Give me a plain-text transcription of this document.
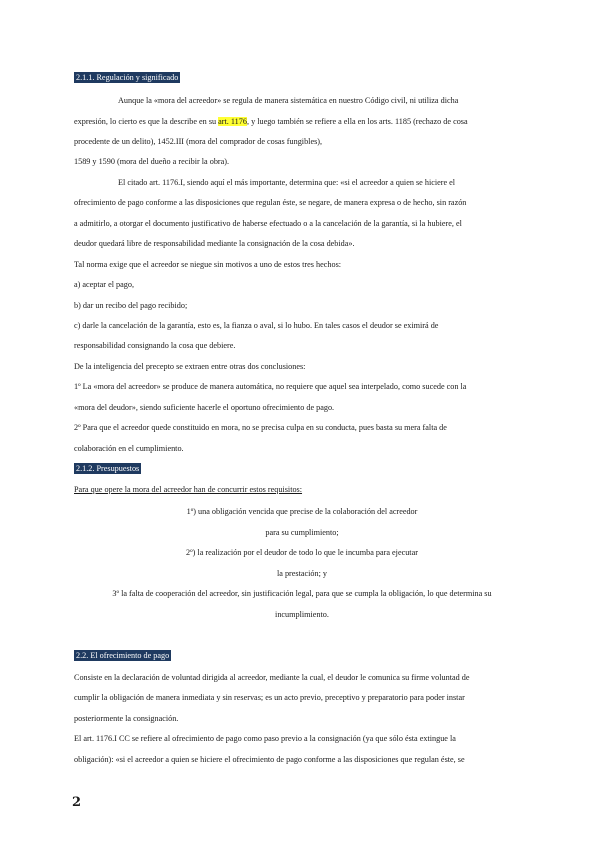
2.1.1. Regulación y significado
Aunque la «mora del acreedor» se regula de manera sistemática en nuestro Código civil, ni utiliza dicha
expresión, lo cierto es que la describe en su art. 1176, y luego también se refiere a ella en los arts. 1185 (rechazo de cosa
procedente de un delito), 1452.III (mora del comprador de cosas fungibles),
1589 y 1590 (mora del dueño a recibir la obra).
El citado art. 1176.I, siendo aquí el más importante, determina que: «si el acreedor a quien se hiciere el
ofrecimiento de pago conforme a las disposiciones que regulan éste, se negare, de manera expresa o de hecho, sin razón
a admitirlo, a otorgar el documento justificativo de haberse efectuado o a la cancelación de la garantía, si la hubiere, el
deudor quedará libre de responsabilidad mediante la consignación de la cosa debida».
Tal norma exige que el acreedor se niegue sin motivos a uno de estos tres hechos:
a) aceptar el pago,
b) dar un recibo del pago recibido;
c) darle la cancelación de la garantía, esto es, la fianza o aval, si lo hubo. En tales casos el deudor se eximirá de
responsabilidad consignando la cosa que debiere.
De la inteligencia del precepto se extraen entre otras dos conclusiones:
1º La «mora del acreedor» se produce de manera automática, no requiere que aquel sea interpelado, como sucede con la
«mora del deudor», siendo suficiente hacerle el oportuno ofrecimiento de pago.
2º Para que el acreedor quede constituido en mora, no se precisa culpa en su conducta, pues basta su mera falta de
colaboración en el cumplimiento.
2.1.2. Presupuestos
Para que opere la mora del acreedor han de concurrir estos requisitos:
1º) una obligación vencida que precise de la colaboración del acreedor
para su cumplimiento;
2º) la realización por el deudor de todo lo que le incumba para ejecutar
la prestación; y
3º la falta de cooperación del acreedor, sin justificación legal, para que se cumpla la obligación, lo que determina su
incumplimiento.
2.2. El ofrecimiento de pago
Consiste en la declaración de voluntad dirigida al acreedor, mediante la cual, el deudor le comunica su firme voluntad de
cumplir la obligación de manera inmediata y sin reservas; es un acto previo, preceptivo y preparatorio para poder instar
posteriormente la consignación.
El art. 1176.I CC se refiere al ofrecimiento de pago como paso previo a la consignación (ya que sólo ésta extingue la
obligación): «si el acreedor a quien se hiciere el ofrecimiento de pago conforme a las disposiciones que regulan éste, se
2
